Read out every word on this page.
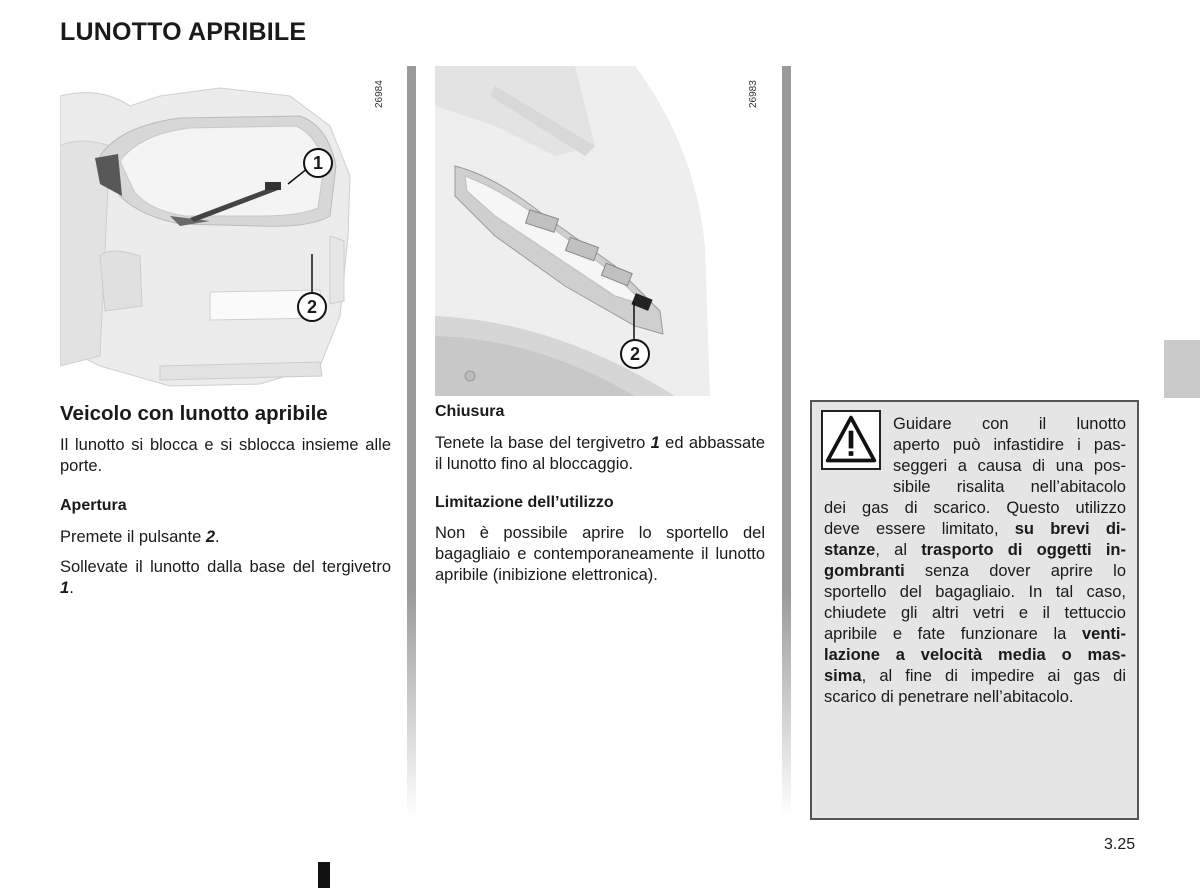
LUNOTTO APRIBILE
26984
1
2
26983
2
Veicolo con lunotto apribile
Il lunotto si blocca e si sblocca insieme alle porte.
Apertura
Premete il pulsante 2.
Sollevate il lunotto dalla base del tergivetro 1.
Chiusura
Tenete la base del tergivetro 1 ed abbassate il lunotto fino al bloccaggio.
Limitazione dell’utilizzo
Non è possibile aprire lo sportello del bagagliaio e contemporaneamente il lunotto apribile (inibizione elettronica).
Guidare con il lunotto
aperto può infastidire i pas-
seggeri a causa di una pos-
sibile risalita nell’abitacolo
dei gas di scarico. Questo utilizzo
deve essere limitato, su brevi di-
stanze, al trasporto di oggetti in-
gombranti senza dover aprire lo
sportello del bagagliaio. In tal caso,
chiudete gli altri vetri e il tettuccio
apribile e fate funzionare la venti-
lazione a velocità media o mas-
sima, al fine di impedire ai gas di
scarico di penetrare nell’abitacolo.
3.25
